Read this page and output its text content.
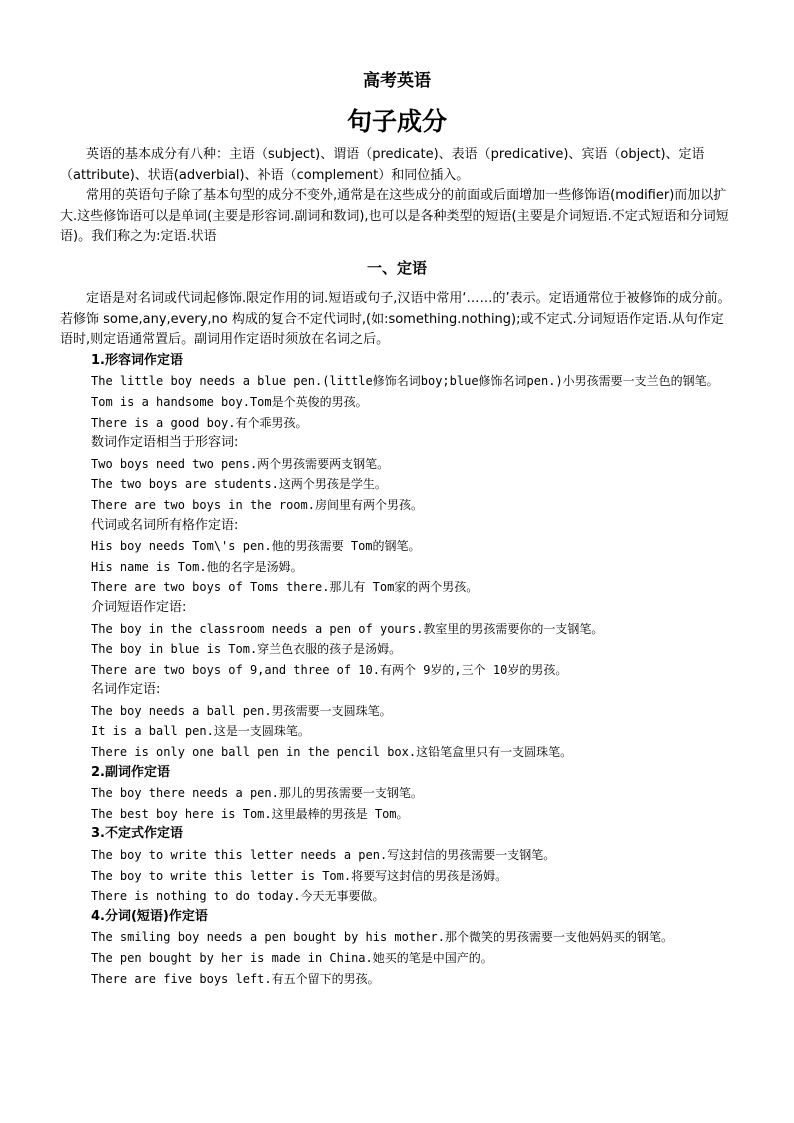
高考英语
句子成分

英语的基本成分有八种：主语（subject)、谓语（predicate)、表语（predicative)、宾语（object)、定语（attribute)、状语(adverbial)、补语（complement）和同位插入。

常用的英语句子除了基本句型的成分不变外,通常是在这些成分的前面或后面增加一些修饰语(modifier)而加以扩大.这些修饰语可以是单词(主要是形容词.副词和数词),也可以是各种类型的短语(主要是介词短语.不定式短语和分词短语)。我们称之为:定语.状语

一、定语

定语是对名词或代词起修饰.限定作用的词.短语或句子,汉语中常用‘……的’表示。定语通常位于被修饰的成分前。若修饰 some,any,every,no 构成的复合不定代词时,(如:something.nothing);或不定式.分词短语作定语.从句作定语时,则定语通常置后。副词用作定语时须放在名词之后。

1.形容词作定语
The little boy needs a blue pen.(little修饰名词boy;blue修饰名词pen.)小男孩需要一支兰色的钢笔。
Tom is a handsome boy.Tom是个英俊的男孩。
There is a good boy.有个乖男孩。
数词作定语相当于形容词:
Two boys need two pens.两个男孩需要两支钢笔。
The two boys are students.这两个男孩是学生。
There are two boys in the room.房间里有两个男孩。
代词或名词所有格作定语:
His boy needs Tom\'s pen.他的男孩需要 Tom的钢笔。
His name is Tom.他的名字是汤姆。
There are two boys of Toms there.那儿有 Tom家的两个男孩。
介词短语作定语:
The boy in the classroom needs a pen of yours.教室里的男孩需要你的一支钢笔。
The boy in blue is Tom.穿兰色衣服的孩子是汤姆。
There are two boys of 9,and three of 10.有两个 9岁的,三个 10岁的男孩。
名词作定语:
The boy needs a ball pen.男孩需要一支圆珠笔。
It is a ball pen.这是一支圆珠笔。
There is only one ball pen in the pencil box.这铅笔盒里只有一支圆珠笔。
2.副词作定语
The boy there needs a pen.那儿的男孩需要一支钢笔。
The best boy here is Tom.这里最棒的男孩是 Tom。
3.不定式作定语
The boy to write this letter needs a pen.写这封信的男孩需要一支钢笔。
The boy to write this letter is Tom.将要写这封信的男孩是汤姆。
There is nothing to do today.今天无事要做。
4.分词(短语)作定语
The smiling boy needs a pen bought by his mother.那个微笑的男孩需要一支他妈妈买的钢笔。
The pen bought by her is made in China.她买的笔是中国产的。
There are five boys left.有五个留下的男孩。
